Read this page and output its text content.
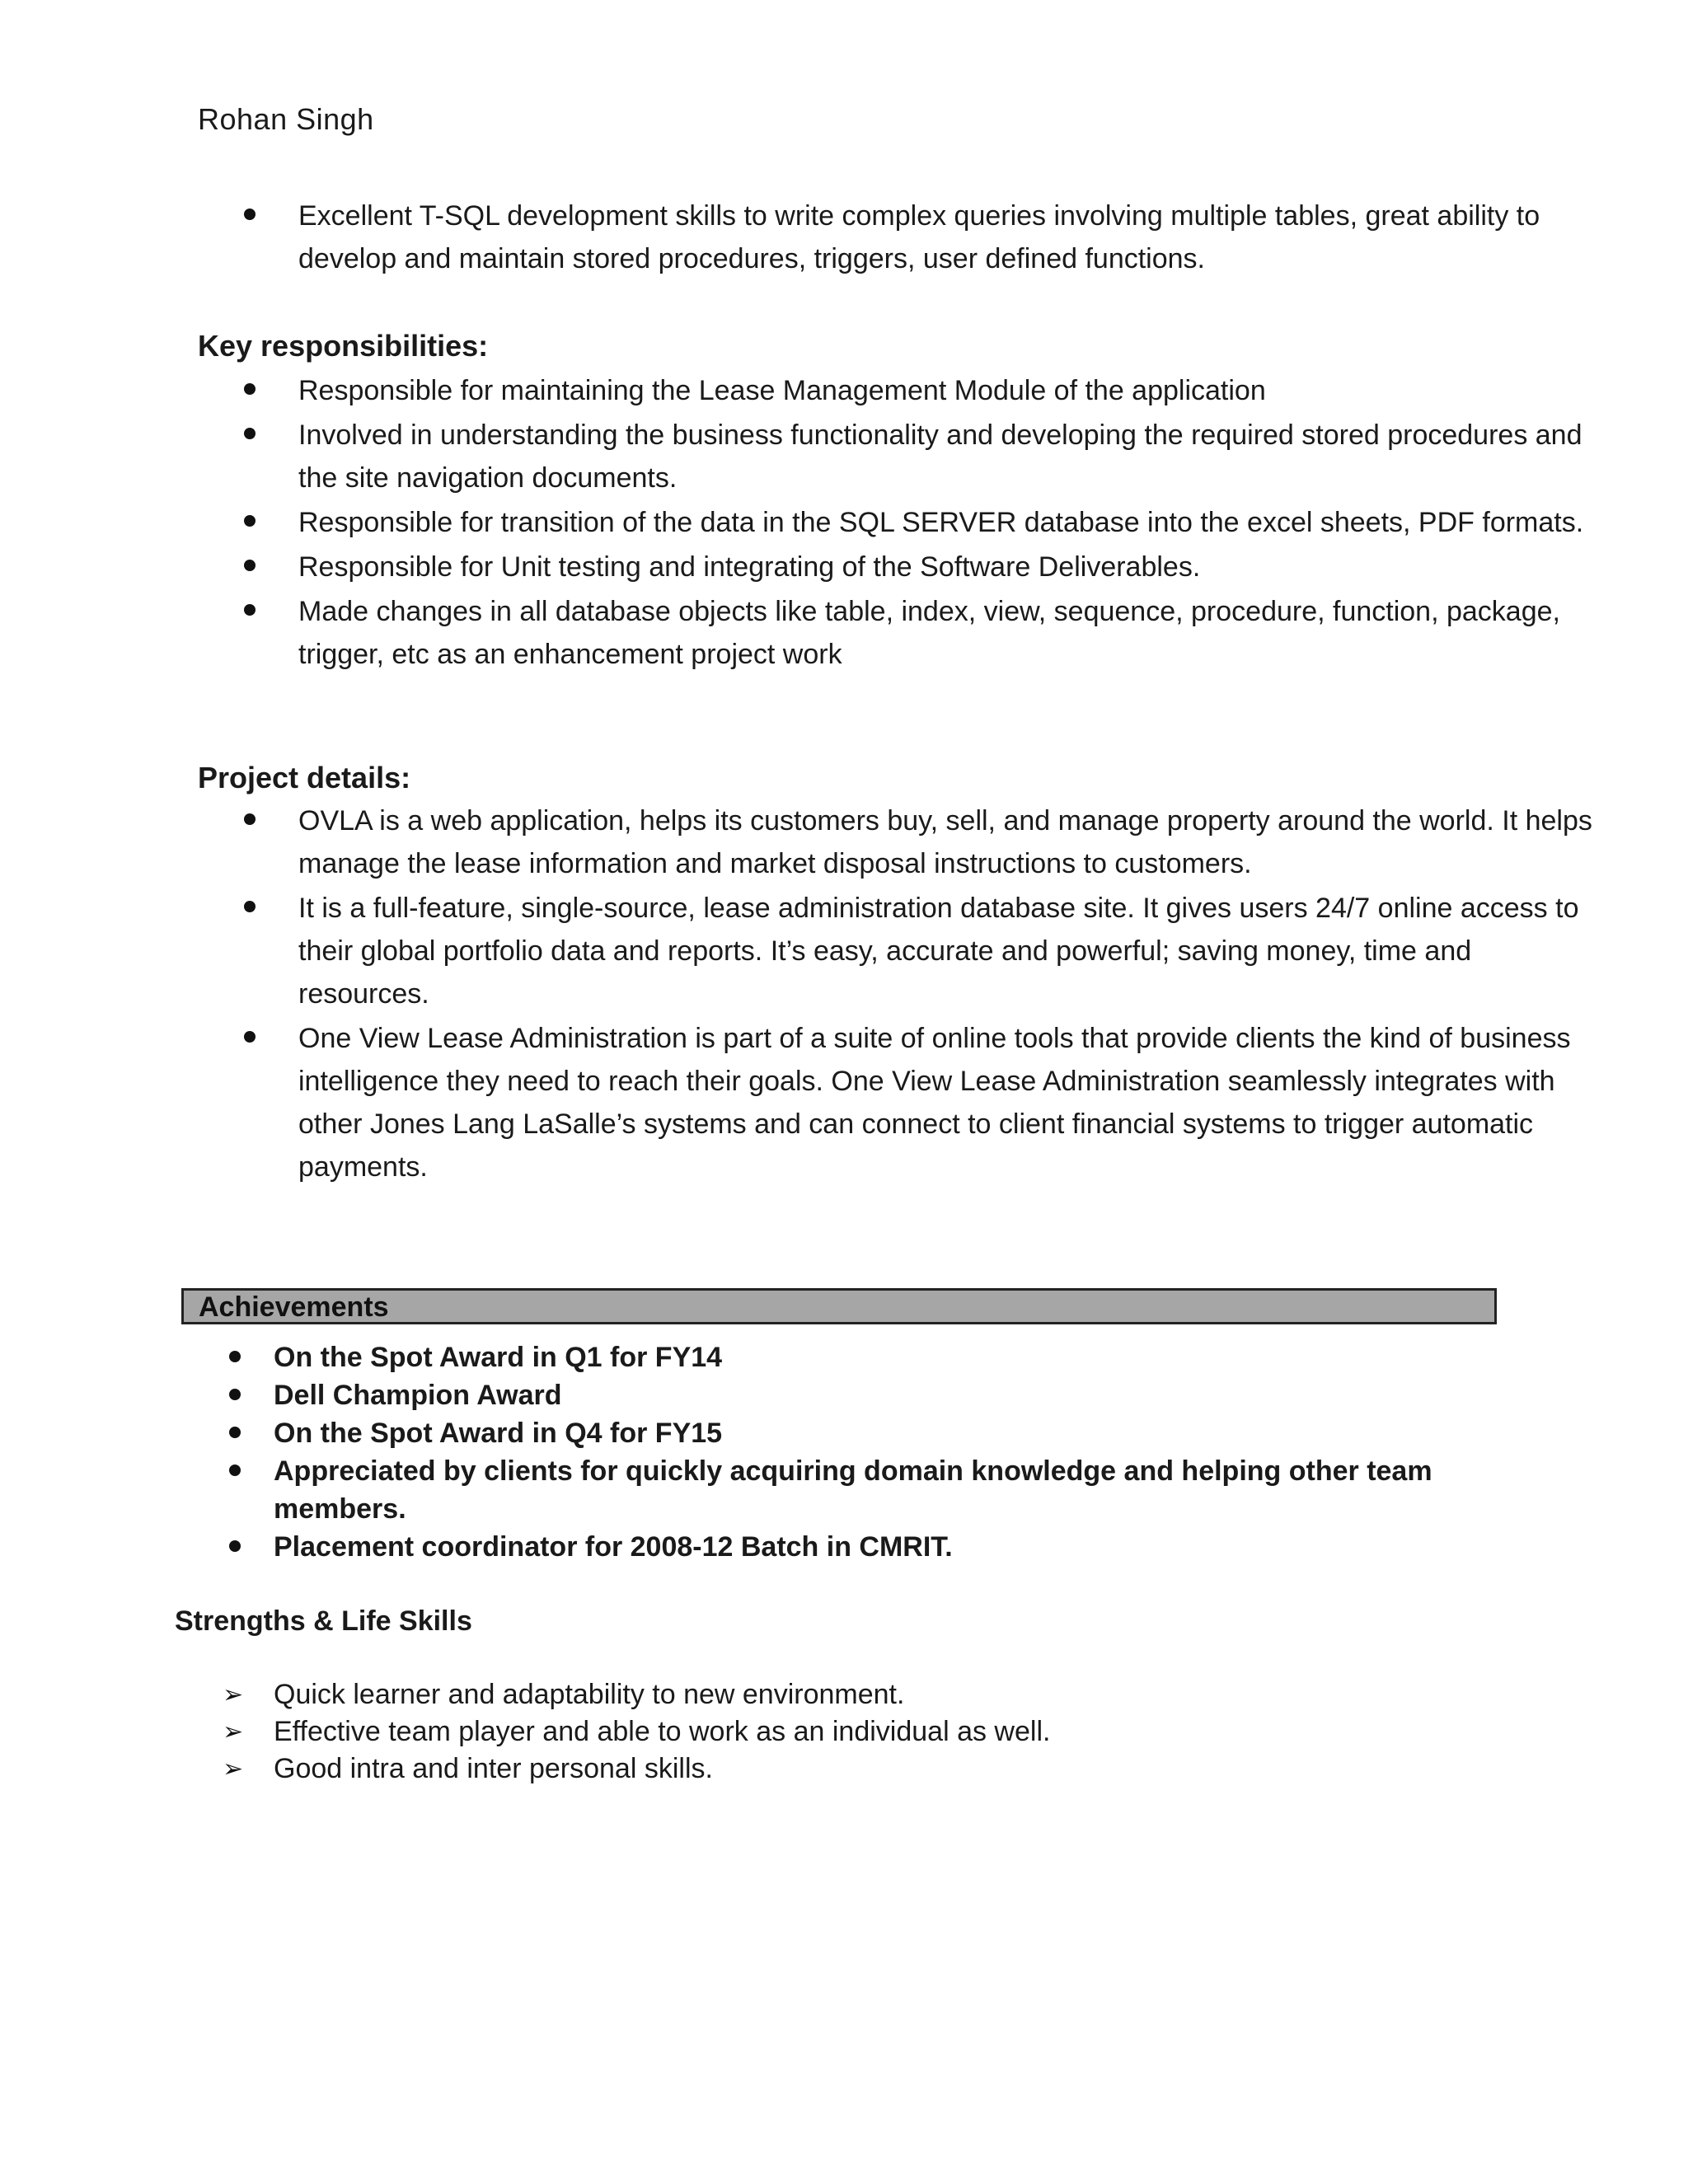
Rohan Singh
Excellent T-SQL development skills to write complex queries involving multiple tables, great ability to develop and maintain stored procedures, triggers, user defined functions.
Key responsibilities:
Responsible for maintaining the Lease Management Module of the application
Involved in understanding the business functionality and developing the required stored procedures and the site navigation documents.
Responsible for transition of the data in the SQL SERVER database into the excel sheets, PDF formats.
Responsible for Unit testing and integrating of the Software Deliverables.
Made changes in all database objects like table, index, view, sequence, procedure, function, package, trigger, etc as an enhancement project work
Project details:
OVLA is a web application, helps its customers buy, sell, and manage property around the world. It helps manage the lease information and market disposal instructions to customers.
It is a full-feature, single-source, lease administration database site. It gives users 24/7 online access to their global portfolio data and reports. It’s easy, accurate and powerful; saving money, time and resources.
One View Lease Administration is part of a suite of online tools that provide clients the kind of business intelligence they need to reach their goals. One View Lease Administration seamlessly integrates with other Jones Lang LaSalle’s systems and can connect to client financial systems to trigger automatic payments.
Achievements
On the Spot Award in Q1 for FY14
Dell Champion Award
On the Spot Award in Q4 for FY15
Appreciated by clients for quickly acquiring domain knowledge and helping other team members.
Placement coordinator for 2008-12 Batch in CMRIT.
Strengths & Life Skills
➢ Quick learner and adaptability to new environment.
➢ Effective team player and able to work as an individual as well.
➢ Good intra and inter personal skills.
